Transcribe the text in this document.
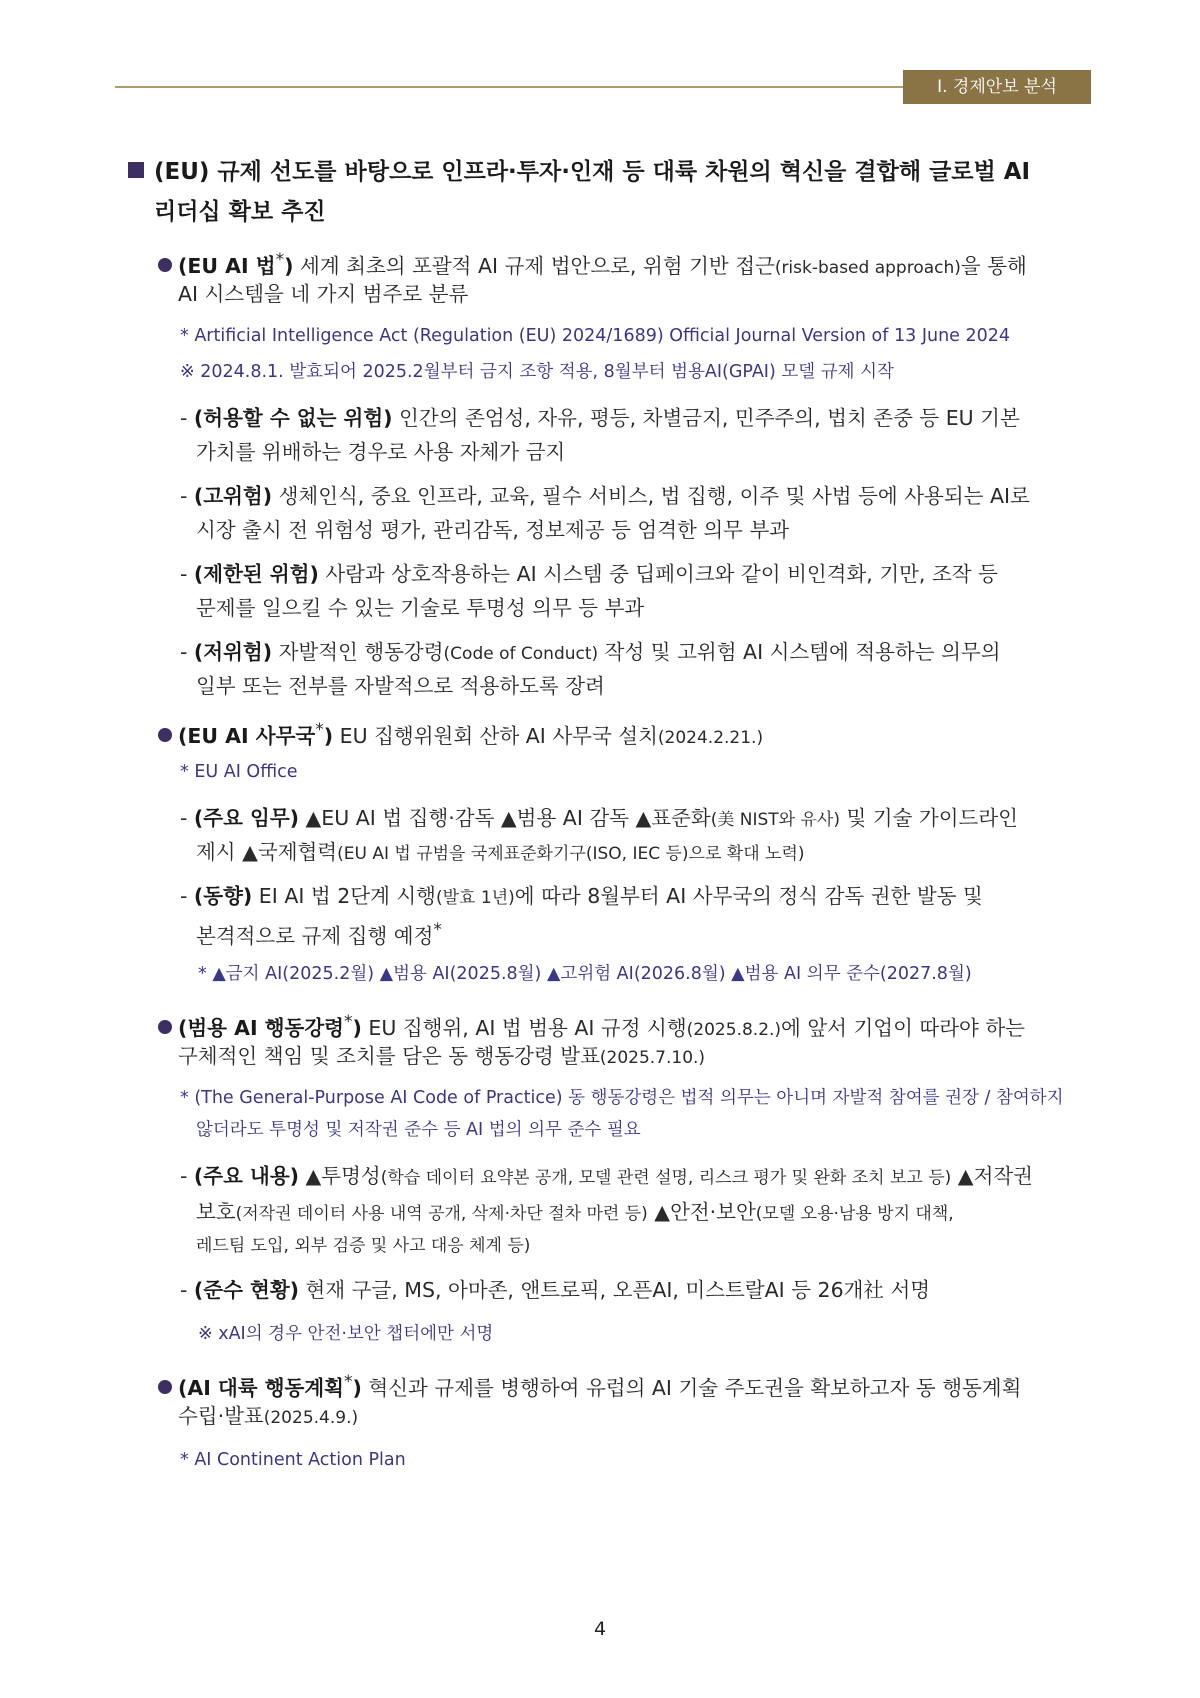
Ⅰ. 경제안보 분석
(EU) 규제 선도를 바탕으로 인프라·투자·인재 등 대륙 차원의 혁신을 결합해 글로벌 AI
리더십 확보 추진
(EU AI 법*) 세계 최초의 포괄적 AI 규제 법안으로, 위험 기반 접근(risk-based approach)을 통해
AI 시스템을 네 가지 범주로 분류
* Artificial Intelligence Act (Regulation (EU) 2024/1689) Official Journal Version of 13 June 2024
※ 2024.8.1. 발효되어 2025.2월부터 금지 조항 적용, 8월부터 범용AI(GPAI) 모델 규제 시작
- (허용할 수 없는 위험) 인간의 존엄성, 자유, 평등, 차별금지, 민주주의, 법치 존중 등 EU 기본
가치를 위배하는 경우로 사용 자체가 금지
- (고위험) 생체인식, 중요 인프라, 교육, 필수 서비스, 법 집행, 이주 및 사법 등에 사용되는 AI로
시장 출시 전 위험성 평가, 관리감독, 정보제공 등 엄격한 의무 부과
- (제한된 위험) 사람과 상호작용하는 AI 시스템 중 딥페이크와 같이 비인격화, 기만, 조작 등
문제를 일으킬 수 있는 기술로 투명성 의무 등 부과
- (저위험) 자발적인 행동강령(Code of Conduct) 작성 및 고위험 AI 시스템에 적용하는 의무의
일부 또는 전부를 자발적으로 적용하도록 장려
(EU AI 사무국*) EU 집행위원회 산하 AI 사무국 설치(2024.2.21.)
* EU AI Office
- (주요 임무) ▲EU AI 법 집행·감독 ▲범용 AI 감독 ▲표준화(美 NIST와 유사) 및 기술 가이드라인
제시 ▲국제협력(EU AI 법 규범을 국제표준화기구(ISO, IEC 등)으로 확대 노력)
- (동향) EI AI 법 2단계 시행(발효 1년)에 따라 8월부터 AI 사무국의 정식 감독 권한 발동 및
본격적으로 규제 집행 예정*
* ▲금지 AI(2025.2월) ▲범용 AI(2025.8월) ▲고위험 AI(2026.8월) ▲범용 AI 의무 준수(2027.8월)
(범용 AI 행동강령*) EU 집행위, AI 법 범용 AI 규정 시행(2025.8.2.)에 앞서 기업이 따라야 하는
구체적인 책임 및 조치를 담은 동 행동강령 발표(2025.7.10.)
* (The General-Purpose AI Code of Practice) 동 행동강령은 법적 의무는 아니며 자발적 참여를 권장 / 참여하지
않더라도 투명성 및 저작권 준수 등 AI 법의 의무 준수 필요
- (주요 내용) ▲투명성(학습 데이터 요약본 공개, 모델 관련 설명, 리스크 평가 및 완화 조치 보고 등) ▲저작권
보호(저작권 데이터 사용 내역 공개, 삭제·차단 절차 마련 등) ▲안전·보안(모델 오용·남용 방지 대책,
레드팀 도입, 외부 검증 및 사고 대응 체계 등)
- (준수 현황) 현재 구글, MS, 아마존, 앤트로픽, 오픈AI, 미스트랄AI 등 26개社 서명
※ xAI의 경우 안전·보안 챕터에만 서명
(AI 대륙 행동계획*) 혁신과 규제를 병행하여 유럽의 AI 기술 주도권을 확보하고자 동 행동계획
수립·발표(2025.4.9.)
* AI Continent Action Plan
4
